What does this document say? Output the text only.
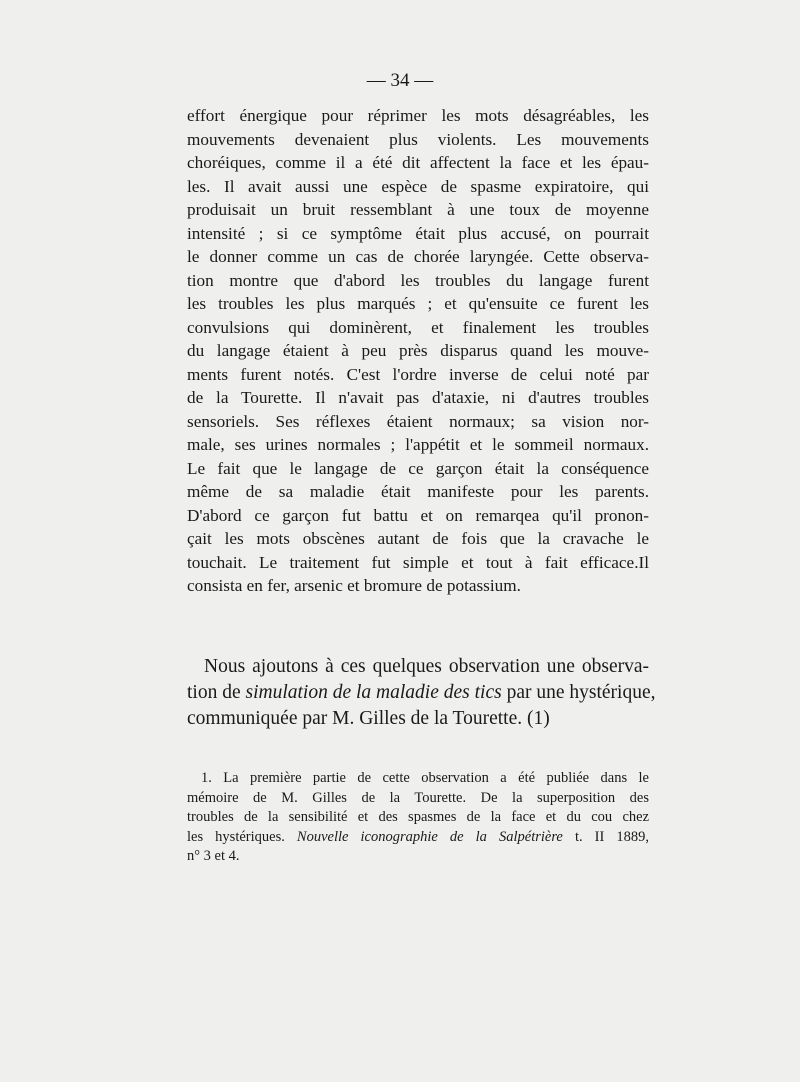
— 34 —
effort énergique pour réprimer les mots désagréables, les
mouvements devenaient plus violents. Les mouvements
choréiques, comme il a été dit affectent la face et les épau-
les. Il avait aussi une espèce de spasme expiratoire, qui
produisait un bruit ressemblant à une toux de moyenne
intensité ; si ce symptôme était plus accusé, on pourrait
le donner comme un cas de chorée laryngée. Cette observa-
tion montre que d'abord les troubles du langage furent
les troubles les plus marqués ; et qu'ensuite ce furent les
convulsions qui dominèrent, et finalement les troubles
du langage étaient à peu près disparus quand les mouve-
ments furent notés. C'est l'ordre inverse de celui noté par
de la Tourette. Il n'avait pas d'ataxie, ni d'autres troubles
sensoriels. Ses réflexes étaient normaux; sa vision nor-
male, ses urines normales ; l'appétit et le sommeil normaux.
Le fait que le langage de ce garçon était la conséquence
même de sa maladie était manifeste pour les parents.
D'abord ce garçon fut battu et on remarqea qu'il pronon-
çait les mots obscènes autant de fois que la cravache le
touchait. Le traitement fut simple et tout à fait efficace.Il
consista en fer, arsenic et bromure de potassium.
Nous ajoutons à ces quelques observation une observa-
tion de simulation de la maladie des tics par une hystérique,
communiquée par M. Gilles de la Tourette. (1)
1. La première partie de cette observation a été publiée dans le
mémoire de M. Gilles de la Tourette. De la superposition des
troubles de la sensibilité et des spasmes de la face et du cou chez
les hystériques. Nouvelle iconographie de la Salpétrière t. II 1889,
n° 3 et 4.
